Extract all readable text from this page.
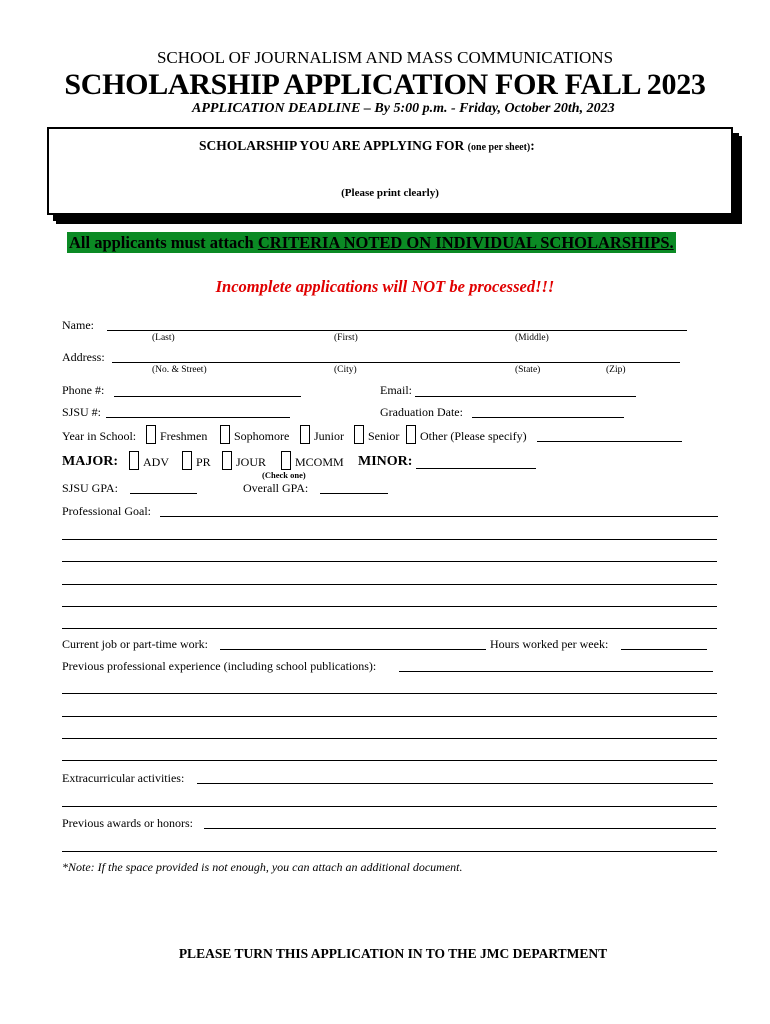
SCHOOL OF JOURNALISM AND MASS COMMUNICATIONS
SCHOLARSHIP APPLICATION FOR FALL 2023
APPLICATION DEADLINE – By 5:00 p.m. - Friday, October 20th, 2023
SCHOLARSHIP YOU ARE APPLYING FOR (one per sheet):
(Please print clearly)
All applicants must attach CRITERIA NOTED ON INDIVIDUAL SCHOLARSHIPS.
Incomplete applications will NOT be processed!!!
Name:
(Last)	(First)	(Middle)
Address:
(No. & Street)	(City)	(State)	(Zip)
Phone #:	Email:
SJSU #:	Graduation Date:
Year in School: Freshmen Sophomore Junior Senior Other (Please specify)
MAJOR: ADV PR JOUR MCOMM
(Check one)
MINOR:
SJSU GPA:	Overall GPA:
Professional Goal:
Current job or part-time work:	Hours worked per week:
Previous professional experience (including school publications):
Extracurricular activities:
Previous awards or honors:
*Note: If the space provided is not enough, you can attach an additional document.
PLEASE TURN THIS APPLICATION IN TO THE JMC DEPARTMENT
